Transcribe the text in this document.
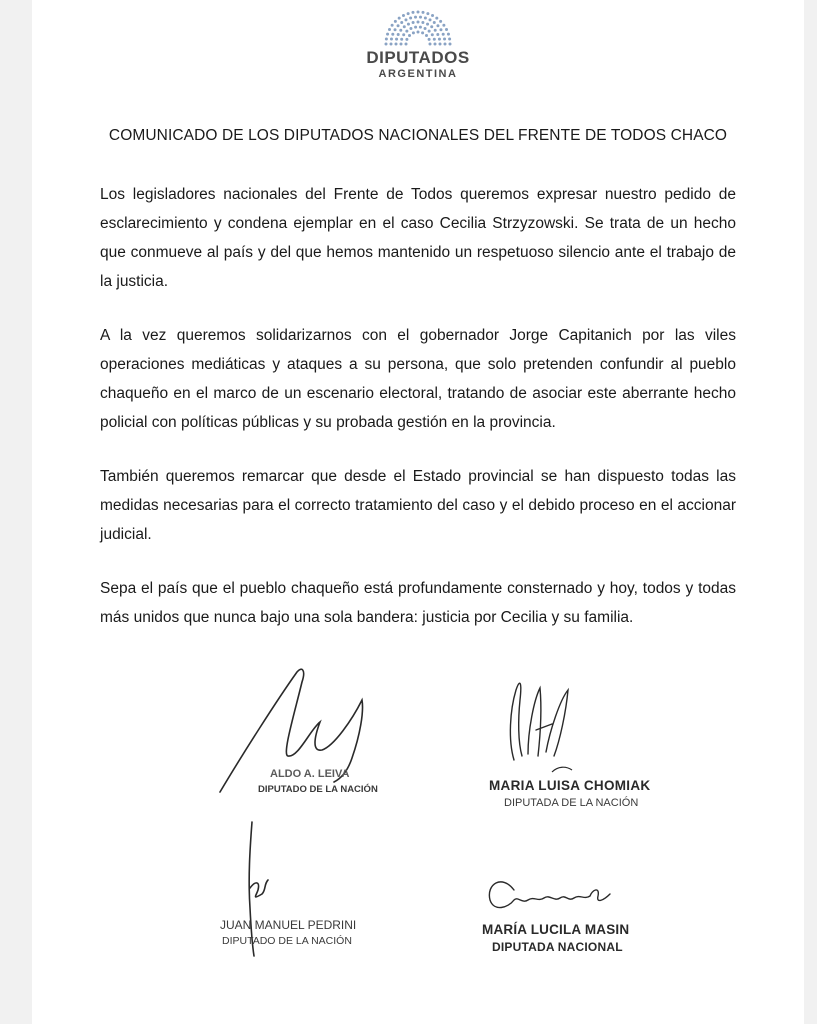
DIPUTADOS
ARGENTINA
COMUNICADO DE LOS DIPUTADOS NACIONALES DEL FRENTE DE TODOS CHACO

Los legisladores nacionales del Frente de Todos queremos expresar nuestro pedido de esclarecimiento y condena ejemplar en el caso Cecilia Strzyzowski. Se trata de un hecho que conmueve al país y del que hemos mantenido un respetuoso silencio ante el trabajo de la justicia.

A la vez queremos solidarizarnos con el gobernador Jorge Capitanich por las viles operaciones mediáticas y ataques a su persona, que solo pretenden confundir al pueblo chaqueño en el marco de un escenario electoral, tratando de asociar este aberrante hecho policial con políticas públicas y su probada gestión en la provincia.

También queremos remarcar que desde el Estado provincial se han dispuesto todas las medidas necesarias para el correcto tratamiento del caso y el debido proceso en el accionar judicial.

Sepa el país que el pueblo chaqueño está profundamente consternado y hoy, todos y todas más unidos que nunca bajo una sola bandera: justicia por Cecilia y su familia.

ALDO A. LEIVA
DIPUTADO DE LA NACIÓN	MARIA LUISA CHOMIAK
DIPUTADA DE LA NACIÓN
JUAN MANUEL PEDRINI
DIPUTADO DE LA NACIÓN
MARÍA LUCILA MASIN
DIPUTADA NACIONAL
